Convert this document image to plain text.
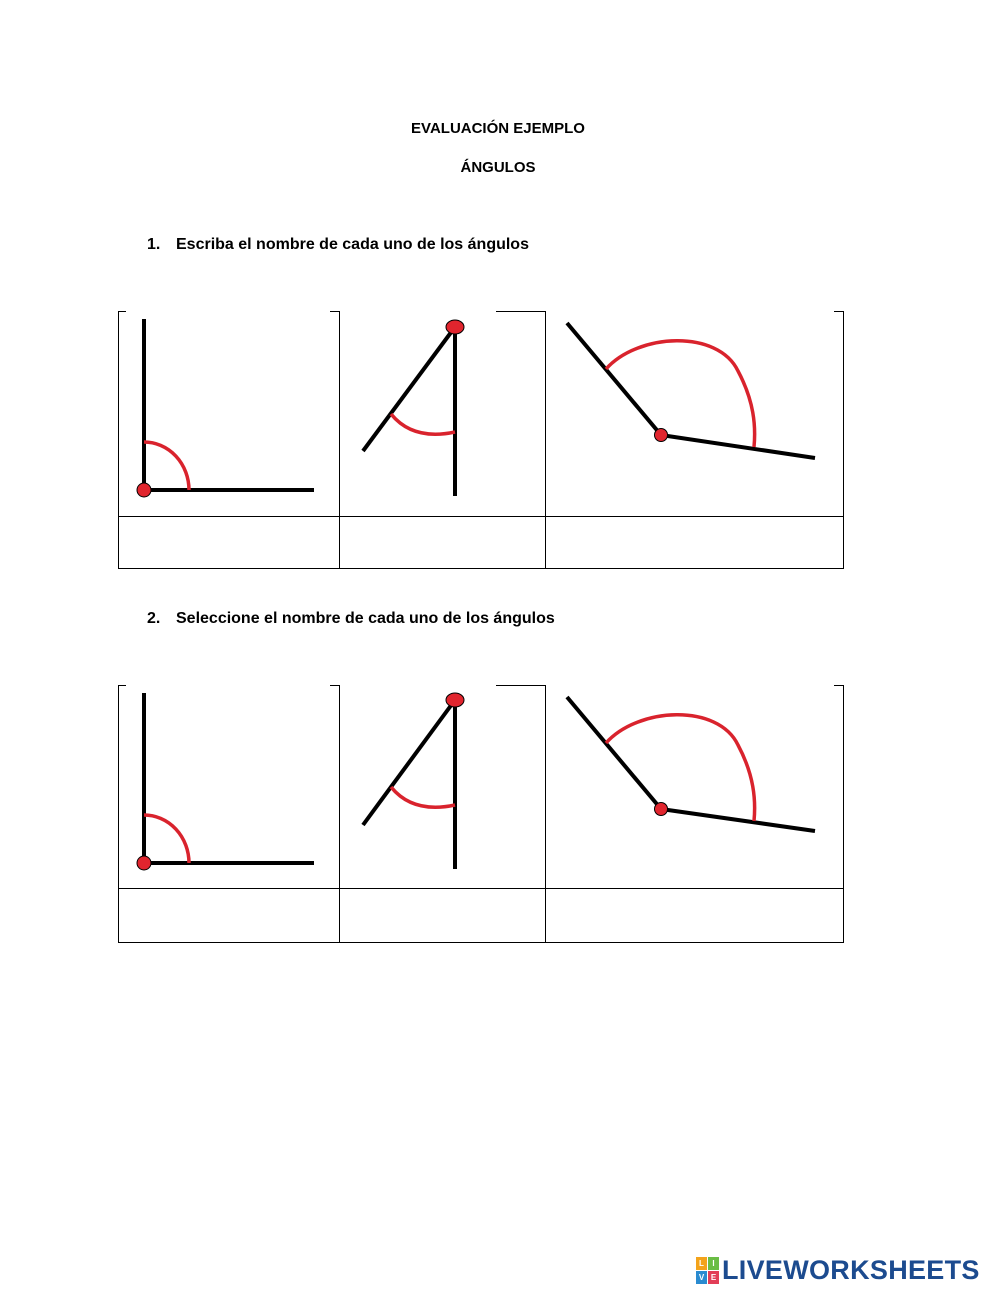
EVALUACIÓN EJEMPLO
ÁNGULOS
1. Escriba el nombre de cada uno de los ángulos
2. Seleccione el nombre de cada uno de los ángulos
L	I
V E LIVEWORKSHEETS
